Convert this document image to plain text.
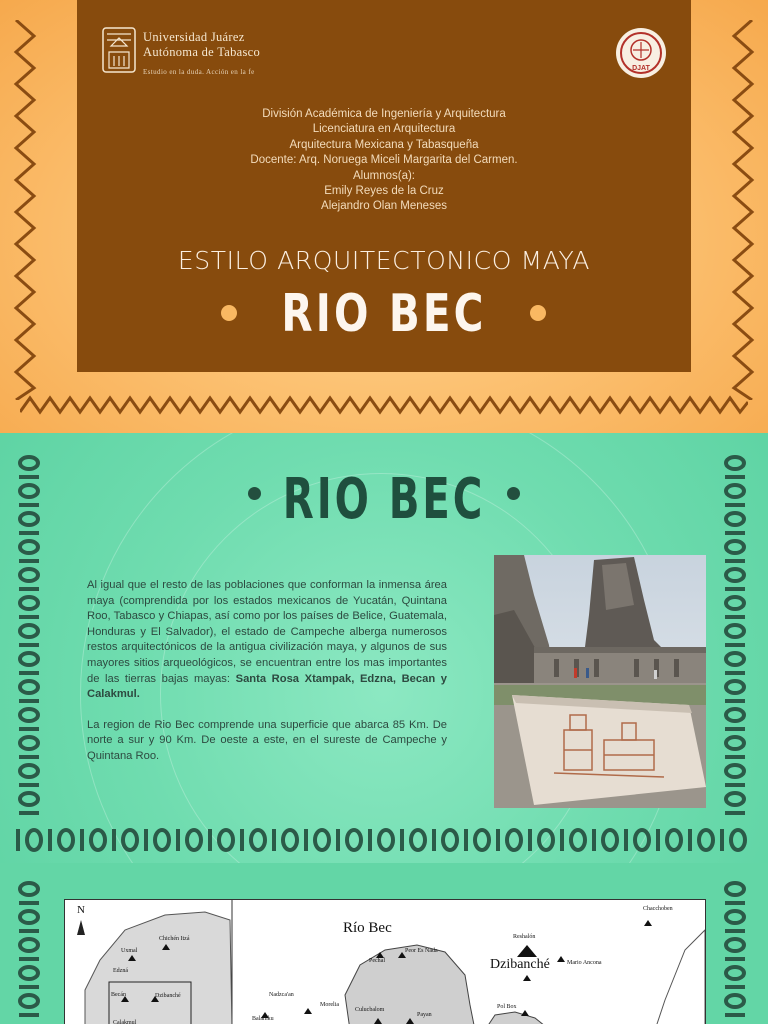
Universidad Juárez
Autónoma de Tabasco
Estudio en la duda. Acción en la fe	DJAT
División Académica de Ingeniería y Arquitectura
Licenciatura en Arquitectura
Arquitectura Mexicana y Tabasqueña
Docente: Arq. Noruega Miceli Margarita del Carmen.
Alumnos(a):
Emily Reyes de la Cruz
Alejandro Olan Meneses
ESTILO ARQUITECTONICO MAYA
RIO BEC
RIO BEC

Al igual que el resto de las poblaciones que conforman la inmensa área maya (comprendida por los estados mexicanos de Yucatán, Quintana Roo, Tabasco y Chiapas, así como por los países de Belice, Guatemala, Honduras y El Salvador), el estado de Campeche alberga numerosos restos arquitectónicos de la antigua civilización maya, y algunos de sus mayores sitios arqueológicos, se encuentran entre los mas importantes de las tierras bajas mayas: Santa Rosa Xtampak, Edzna, Becan y Calakmul.

La region de Rio Bec comprende una superficie que abarca 85 Km. De norte a sur y 90 Km. De oeste a este, en el sureste de Campeche y Quintana Roo.

N
Chichén Itzá
Uxmal
Edzná
Becán	Dzibanché
Calakmul
Río Bec
Pechal
Peor Es Nada
Nadzca'an
Morelia
Balamku
Culucbalom
Payan
Reshalón
Dzibanché	Mario Ancona
Pol Box
Chacchoben
